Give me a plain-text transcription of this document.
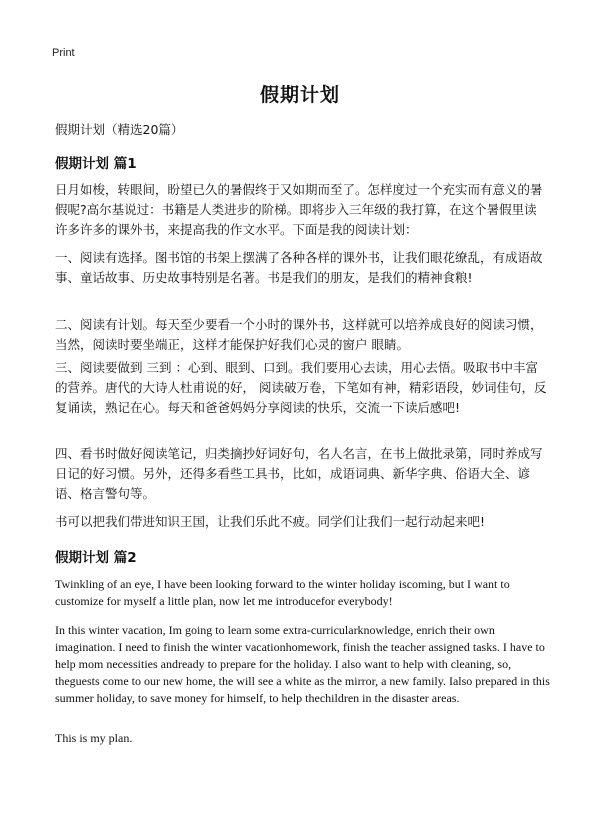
Print
假期计划
假期计划（精选20篇）
假期计划 篇1
日月如梭，转眼间，盼望已久的暑假终于又如期而至了。怎样度过一个充实而有意义的暑假呢?高尔基说过：书籍是人类进步的阶梯。即将步入三年级的我打算，在这个暑假里读许多许多的课外书，来提高我的作文水平。下面是我的阅读计划：
一、阅读有选择。图书馆的书架上摆满了各种各样的课外书，让我们眼花缭乱，有成语故事、童话故事、历史故事特别是名著。书是我们的朋友，是我们的精神食粮!
二、阅读有计划。每天至少要看一个小时的课外书，这样就可以培养成良好的阅读习惯，当然，阅读时要坐端正，这样才能保护好我们心灵的窗户 眼睛。
三、阅读要做到 三到 ：心到、眼到、口到。我们要用心去读，用心去悟。吸取书中丰富的营养。唐代的大诗人杜甫说的好， 阅读破万卷，下笔如有神，精彩语段，妙词佳句，反复诵读，熟记在心。每天和爸爸妈妈分享阅读的快乐，交流一下读后感吧!
四、看书时做好阅读笔记，归类摘抄好词好句，名人名言，在书上做批录第，同时养成写日记的好习惯。另外，还得多看些工具书，比如，成语词典、新华字典、俗语大全、谚语、格言警句等。
书可以把我们带进知识王国，让我们乐此不疲。同学们让我们一起行动起来吧!
假期计划 篇2
Twinkling of an eye, I have been looking forward to the winter holiday iscoming, but I want to customize for myself a little plan, now let me introducefor everybody!
In this winter vacation, Im going to learn some extra-curricularknowledge, enrich their own imagination. I need to finish the winter vacationhomework, finish the teacher assigned tasks. I have to help mom necessities andready to prepare for the holiday. I also want to help with cleaning, so, theguests come to our new home, the will see a white as the mirror, a new family. Ialso prepared in this summer holiday, to save money for himself, to help thechildren in the disaster areas.
This is my plan.
